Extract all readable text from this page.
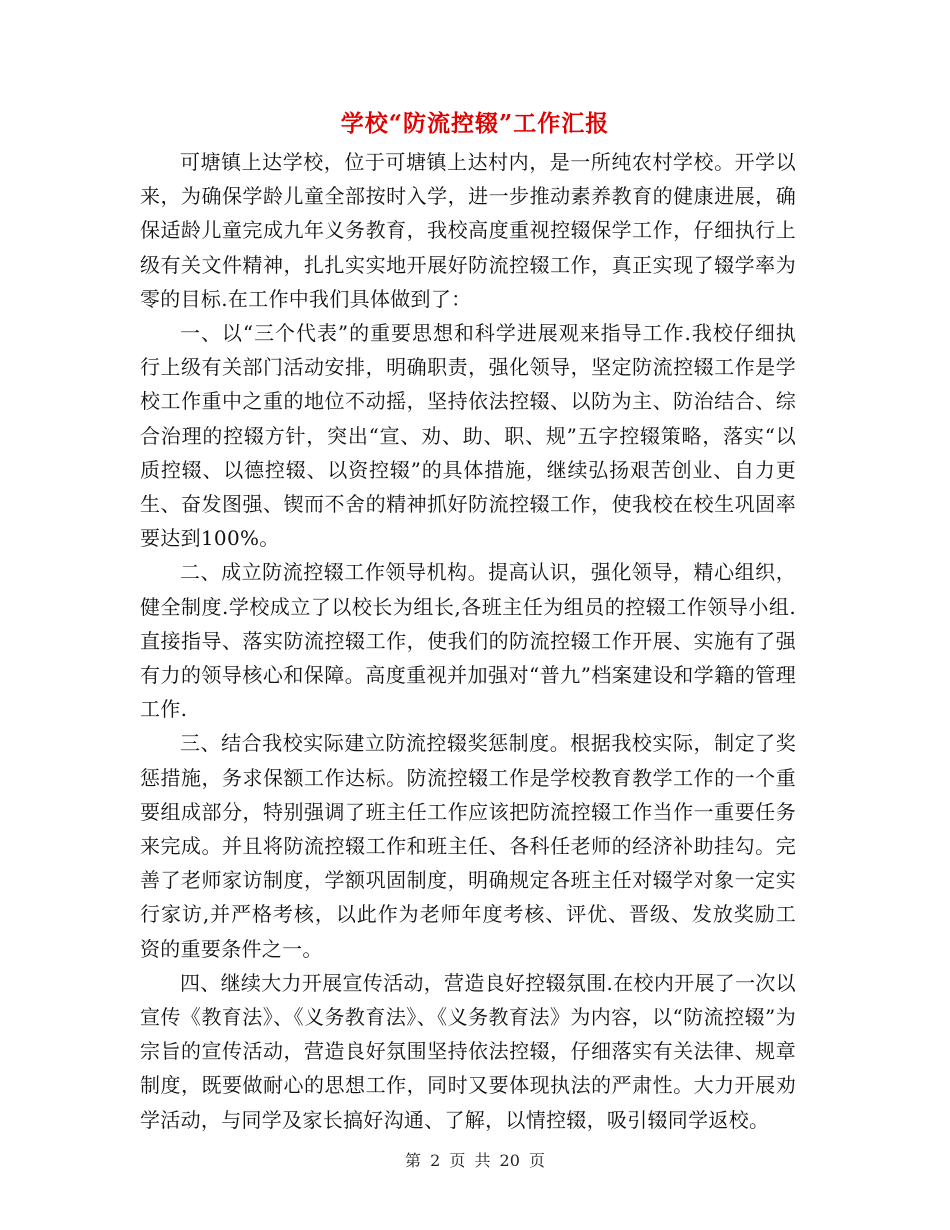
学校“防流控辍”工作汇报

可塘镇上达学校，位于可塘镇上达村内，是一所纯农村学校。开学以来，为确保学龄儿童全部按时入学，进一步推动素养教育的健康进展，确保适龄儿童完成九年义务教育，我校高度重视控辍保学工作，仔细执行上级有关文件精神，扎扎实实地开展好防流控辍工作，真正实现了辍学率为零的目标.在工作中我们具体做到了：

一、以“三个代表”的重要思想和科学进展观来指导工作.我校仔细执行上级有关部门活动安排，明确职责，强化领导，坚定防流控辍工作是学校工作重中之重的地位不动摇，坚持依法控辍、以防为主、防治结合、综合治理的控辍方针，突出“宣、劝、助、职、规”五字控辍策略，落实“以质控辍、以德控辍、以资控辍”的具体措施，继续弘扬艰苦创业、自力更生、奋发图强、锲而不舍的精神抓好防流控辍工作，使我校在校生巩固率要达到100%。

二、成立防流控辍工作领导机构。提高认识，强化领导，精心组织，健全制度.学校成立了以校长为组长,各班主任为组员的控辍工作领导小组. 直接指导、落实防流控辍工作，使我们的防流控辍工作开展、实施有了强有力的领导核心和保障。高度重视并加强对“普九”档案建设和学籍的管理工作.

三、结合我校实际建立防流控辍奖惩制度。根据我校实际，制定了奖惩措施，务求保额工作达标。防流控辍工作是学校教育教学工作的一个重要组成部分，特别强调了班主任工作应该把防流控辍工作当作一重要任务来完成。并且将防流控辍工作和班主任、各科任老师的经济补助挂勾。完善了老师家访制度，学额巩固制度，明确规定各班主任对辍学对象一定实行家访,并严格考核，以此作为老师年度考核、评优、晋级、发放奖励工资的重要条件之一。

四、继续大力开展宣传活动，营造良好控辍氛围.在校内开展了一次以宣传《教育法》、《义务教育法》、《义务教育法》为内容，以“防流控辍”为宗旨的宣传活动，营造良好氛围坚持依法控辍，仔细落实有关法律、规章制度，既要做耐心的思想工作，同时又要体现执法的严肃性。大力开展劝学活动，与同学及家长搞好沟通、了解，以情控辍，吸引辍同学返校。

第 2 页 共 20 页
